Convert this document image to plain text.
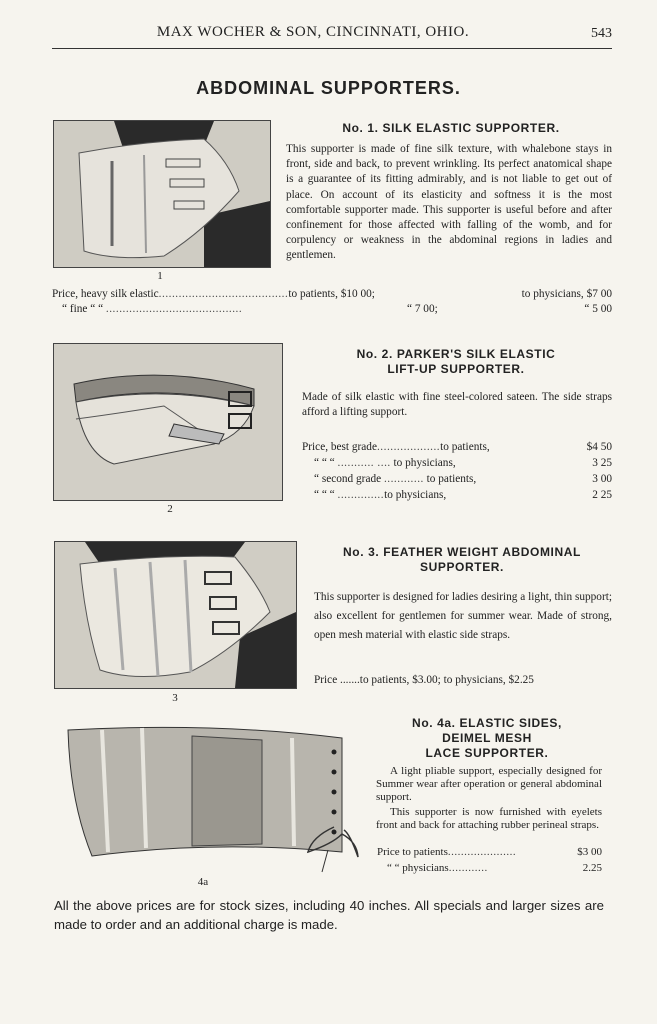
MAX WOCHER & SON, CINCINNATI, OHIO.	543
ABDOMINAL SUPPORTERS.
1
No. 1. SILK ELASTIC SUPPORTER.
This supporter is made of fine silk texture, with whalebone stays in front, side and back, to prevent wrinkling. Its perfect anatomical shape is a guarantee of its fitting admirably, and is not liable to get out of place. On account of its elasticity and softness it is the most comfortable supporter made. This supporter is useful before and after confinement for those affected with falling of the womb, and for corpulency or weakness in the abdominal regions in ladies and gentlemen.
Price, heavy silk elastic.......................................to patients, $10 00;	to physicians, $7 00
“ fine “ “ .........................................	“ 7 00;	“ 5 00
2
No. 2. PARKER'S SILK ELASTIC
LIFT-UP SUPPORTER.
Made of silk elastic with fine steel-colored sateen. The side straps afford a lifting support.
Price, best grade...................to patients,	$4 50
“ “ “ ........... .... to physicians,	3 25
“ second grade ............ to patients,	3 00
“ “ “ ..............to physicians,	2 25
3
No. 3. FEATHER WEIGHT ABDOMINAL
SUPPORTER.
This supporter is designed for ladies desiring a light, thin support; also excellent for gentlemen for summer wear. Made of strong, open mesh material with elastic side straps.
Price .......to patients, $3.00; to physicians, $2.25
4a
No. 4a. ELASTIC SIDES,
DEIMEL MESH
LACE SUPPORTER.
A light pliable support, especially designed for Summer wear after operation or general abdominal support.
This supporter is now furnished with eyelets front and back for attaching rubber perineal straps.
Price to patients.....................	$3 00
“ “ physicians............	2.25
All the above prices are for stock sizes, including 40 inches. All specials and larger sizes are made to order and an additional charge is made.
